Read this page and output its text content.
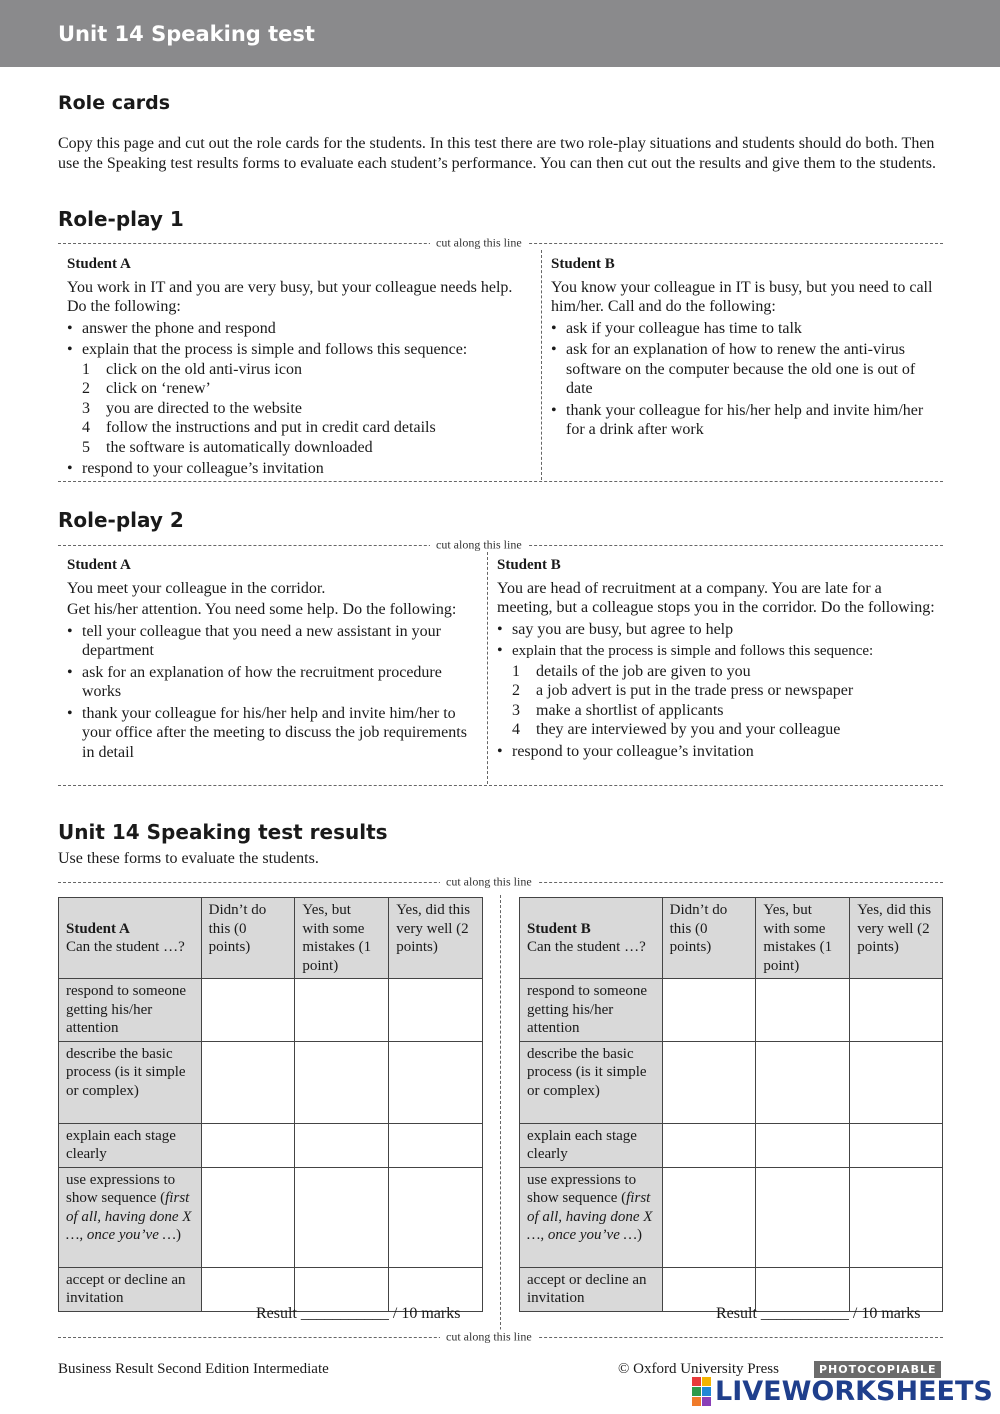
Unit 14 Speaking test
Role cards
Copy this page and cut out the role cards for the students. In this test there are two role-play situations and students should do both. Then use the Speaking test results forms to evaluate each student’s performance. You can then cut out the results and give them to the students.
Role-play 1
cut along this line
Student A

You work in IT and you are very busy, but your colleague needs help. Do the following:

• answer the phone and respond
• explain that the process is simple and follows this sequence:
1	click on the old anti-virus icon
2	click on ‘renew’
3	you are directed to the website
4	follow the instructions and put in credit card details
5	the software is automatically downloaded
• respond to your colleague’s invitation
Student B

You know your colleague in IT is busy, but you need to call him/her. Call and do the following:

• ask if your colleague has time to talk
• ask for an explanation of how to renew the anti-virus software on the computer because the old one is out of date
• thank your colleague for his/her help and invite him/her for a drink after work
Role-play 2
cut along this line
Student A

You meet your colleague in the corridor.

Get his/her attention. You need some help. Do the following:

• tell your colleague that you need a new assistant in your department
• ask for an explanation of how the recruitment procedure works
• thank your colleague for his/her help and invite him/her to your office after the meeting to discuss the job requirements in detail
Student B

You are head of recruitment at a company. You are late for a meeting, but a colleague stops you in the corridor. Do the following:

• say you are busy, but agree to help
• explain that the process is simple and follows this sequence:
1	details of the job are given to you
2	a job advert is put in the trade press or newspaper
3	make a shortlist of applicants
4	they are interviewed by you and your colleague
• respond to your colleague’s invitation
Unit 14 Speaking test results
Use these forms to evaluate the students.
cut along this line
Student A
Can the student …?	Didn’t do this (0 points)	Yes, but with some mistakes (1 point)	Yes, did this very well (2 points)
respond to someone getting his/her attention			
describe the basic process (is it simple or complex)			
explain each stage clearly			
use expressions to show sequence (first of all, having done X …, once you’ve …)			
accept or decline an invitation			
Result ___________ / 10 marks
Student B
Can the student …?	Didn’t do this (0 points)	Yes, but with some mistakes (1 point)	Yes, did this very well (2 points)
respond to someone getting his/her attention			
describe the basic process (is it simple or complex)			
explain each stage clearly			
use expressions to show sequence (first of all, having done X …, once you’ve …)			
accept or decline an invitation			
Result ___________ / 10 marks
cut along this line
Business Result Second Edition Intermediate	© Oxford University Press	PHOTOCOPIABLE
LIVEWORKSHEETS
